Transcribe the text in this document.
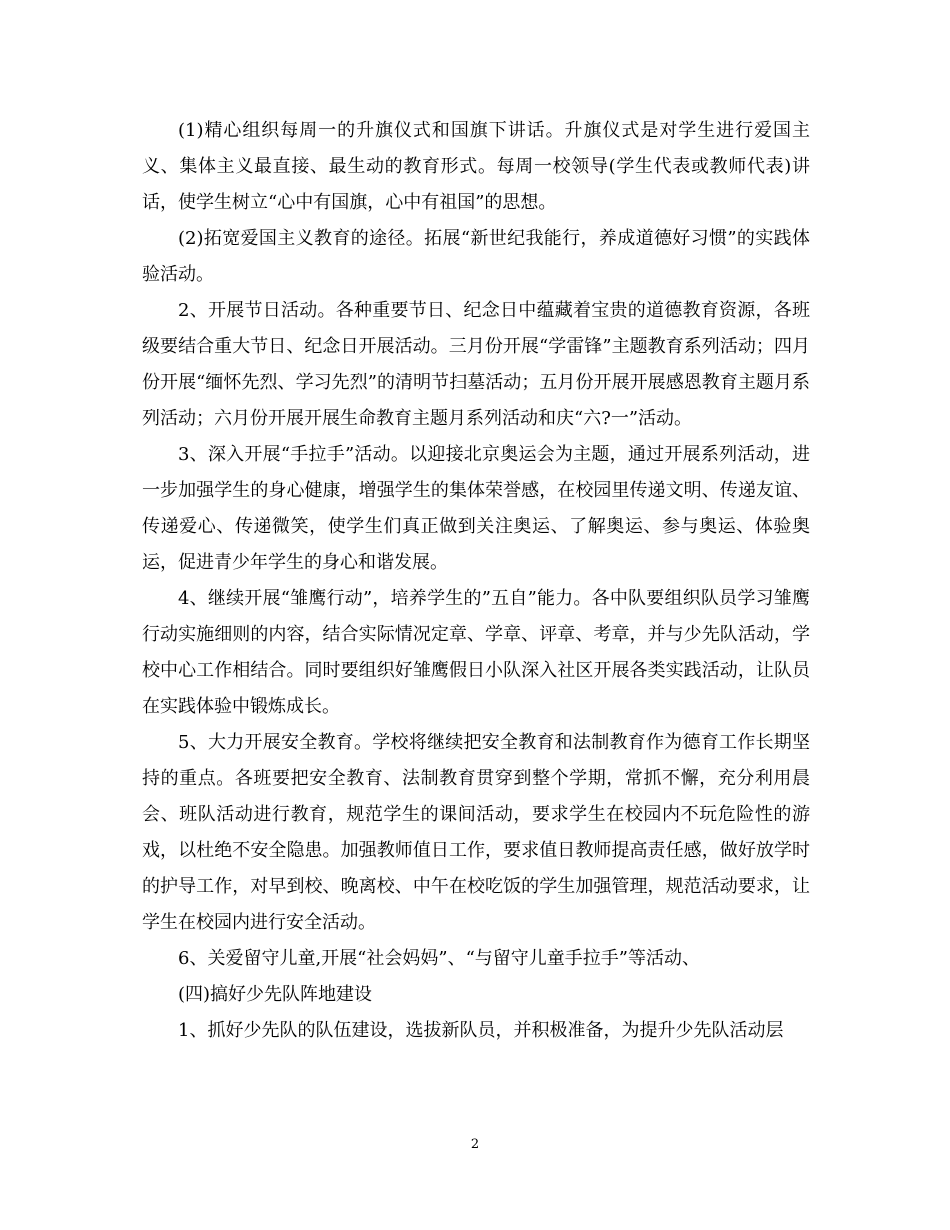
(1)精心组织每周一的升旗仪式和国旗下讲话。升旗仪式是对学生进行爱国主义、集体主义最直接、最生动的教育形式。每周一校领导(学生代表或教师代表)讲话，使学生树立“心中有国旗，心中有祖国”的思想。

(2)拓宽爱国主义教育的途径。拓展“新世纪我能行，养成道德好习惯”的实践体验活动。

2、开展节日活动。各种重要节日、纪念日中蕴藏着宝贵的道德教育资源，各班级要结合重大节日、纪念日开展活动。三月份开展“学雷锋”主题教育系列活动；四月份开展“缅怀先烈、学习先烈”的清明节扫墓活动；五月份开展开展感恩教育主题月系列活动；六月份开展开展生命教育主题月系列活动和庆“六?一”活动。

3、深入开展“手拉手”活动。以迎接北京奥运会为主题，通过开展系列活动，进一步加强学生的身心健康，增强学生的集体荣誉感，在校园里传递文明、传递友谊、传递爱心、传递微笑，使学生们真正做到关注奥运、了解奥运、参与奥运、体验奥运，促进青少年学生的身心和谐发展。

4、继续开展“雏鹰行动”，培养学生的”五自”能力。各中队要组织队员学习雏鹰行动实施细则的内容，结合实际情况定章、学章、评章、考章，并与少先队活动，学校中心工作相结合。同时要组织好雏鹰假日小队深入社区开展各类实践活动，让队员在实践体验中锻炼成长。

5、大力开展安全教育。学校将继续把安全教育和法制教育作为德育工作长期坚持的重点。各班要把安全教育、法制教育贯穿到整个学期，常抓不懈，充分利用晨会、班队活动进行教育，规范学生的课间活动，要求学生在校园内不玩危险性的游戏，以杜绝不安全隐患。加强教师值日工作，要求值日教师提高责任感，做好放学时的护导工作，对早到校、晚离校、中午在校吃饭的学生加强管理，规范活动要求，让学生在校园内进行安全活动。

6、关爱留守儿童,开展“社会妈妈”、“与留守儿童手拉手”等活动、

(四)搞好少先队阵地建设

1、抓好少先队的队伍建设，选拔新队员，并积极准备，为提升少先队活动层

2
